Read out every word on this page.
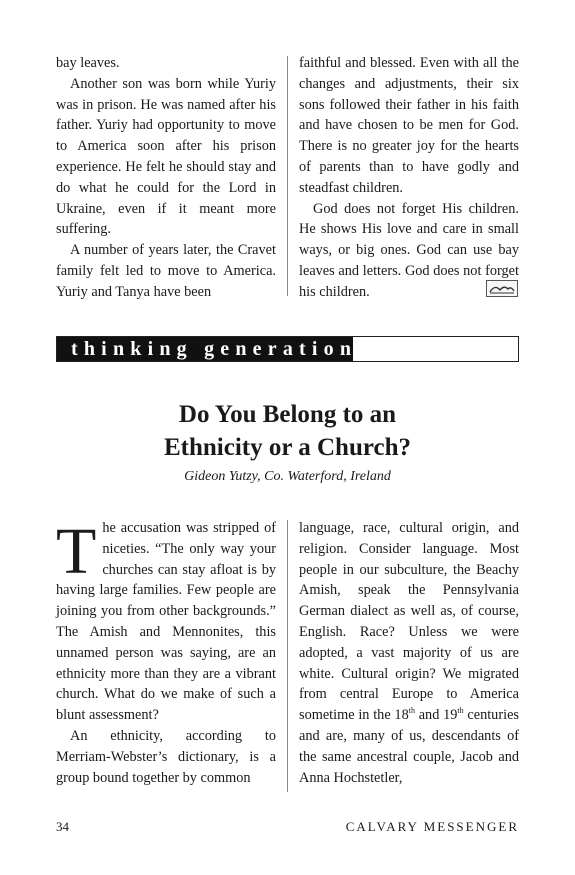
bay leaves.

Another son was born while Yuriy was in prison. He was named after his father. Yuriy had opportunity to move to America soon after his prison experience. He felt he should stay and do what he could for the Lord in Ukraine, even if it meant more suffering.

A number of years later, the Cravet family felt led to move to America. Yuriy and Tanya have been

faithful and blessed. Even with all the changes and adjustments, their six sons followed their father in his faith and have chosen to be men for God. There is no greater joy for the hearts of parents than to have godly and steadfast children.

God does not forget His children. He shows His love and care in small ways, or big ones. God can use bay leaves and letters. God does not forget his children.

thinking generation
Do You Belong to an
Ethnicity or a Church?
Gideon Yutzy, Co. Waterford, Ireland

The accusation was stripped of niceties. “The only way your churches can stay afloat is by having large families. Few people are joining you from other backgrounds.” The Amish and Mennonites, this unnamed person was saying, are an ethnicity more than they are a vibrant church. What do we make of such a blunt assessment?

An ethnicity, according to Merriam-Webster’s dictionary, is a group bound together by common

language, race, cultural origin, and religion. Consider language. Most people in our subculture, the Beachy Amish, speak the Pennsylvania German dialect as well as, of course, English. Race? Unless we were adopted, a vast majority of us are white. Cultural origin? We migrated from central Europe to America sometime in the 18th and 19th centuries and are, many of us, descendants of the same ancestral couple, Jacob and Anna Hochstetler,

34	CALVARY MESSENGER
